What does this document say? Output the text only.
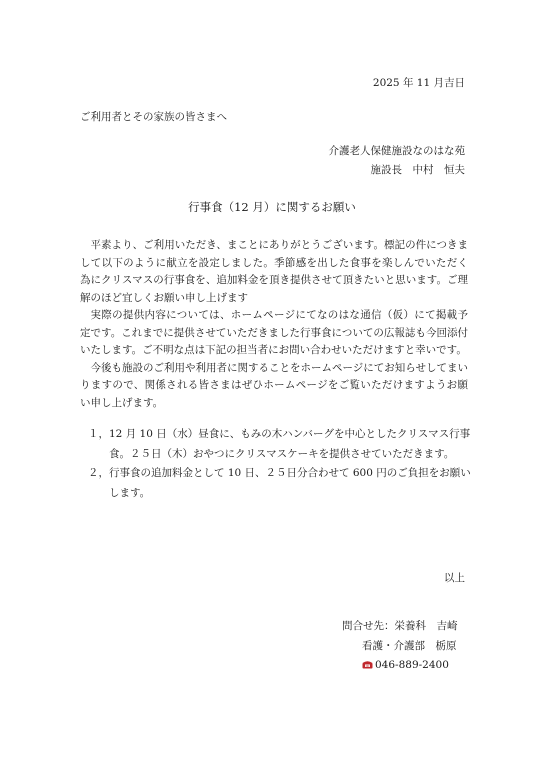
2025 年 11 月吉日
ご利用者とその家族の皆さまへ
介護老人保健施設なのはな苑
施設長　中村　恒夫
行事食（12 月）に関するお願い

平素より、ご利用いただき、まことにありがとうございます。標記の件につきまして以下のように献立を設定しました。季節感を出した食事を楽しんでいただく為にクリスマスの行事食を、追加料金を頂き提供させて頂きたいと思います。ご理解のほど宜しくお願い申し上げます

実際の提供内容については、ホームページにてなのはな通信（仮）にて掲載予定です。これまでに提供させていただきました行事食についての広報誌も今回添付いたします。ご不明な点は下記の担当者にお問い合わせいただけますと幸いです。

今後も施設のご利用や利用者に関することをホームページにてお知らせしてまいりますので、関係される皆さまはぜひホームページをご覧いただけますようお願い申し上げます。

１， 12 月 10 日（水）昼食に、もみの木ハンバーグを中心としたクリスマス行事食。２５日（木）おやつにクリスマスケーキを提供させていただきます。
２， 行事食の追加料金として 10 日、２５日分合わせて 600 円のご負担をお願いします。
以上
問合せ先：栄養科　吉崎
看護・介護部　栃原
046-889-2400
